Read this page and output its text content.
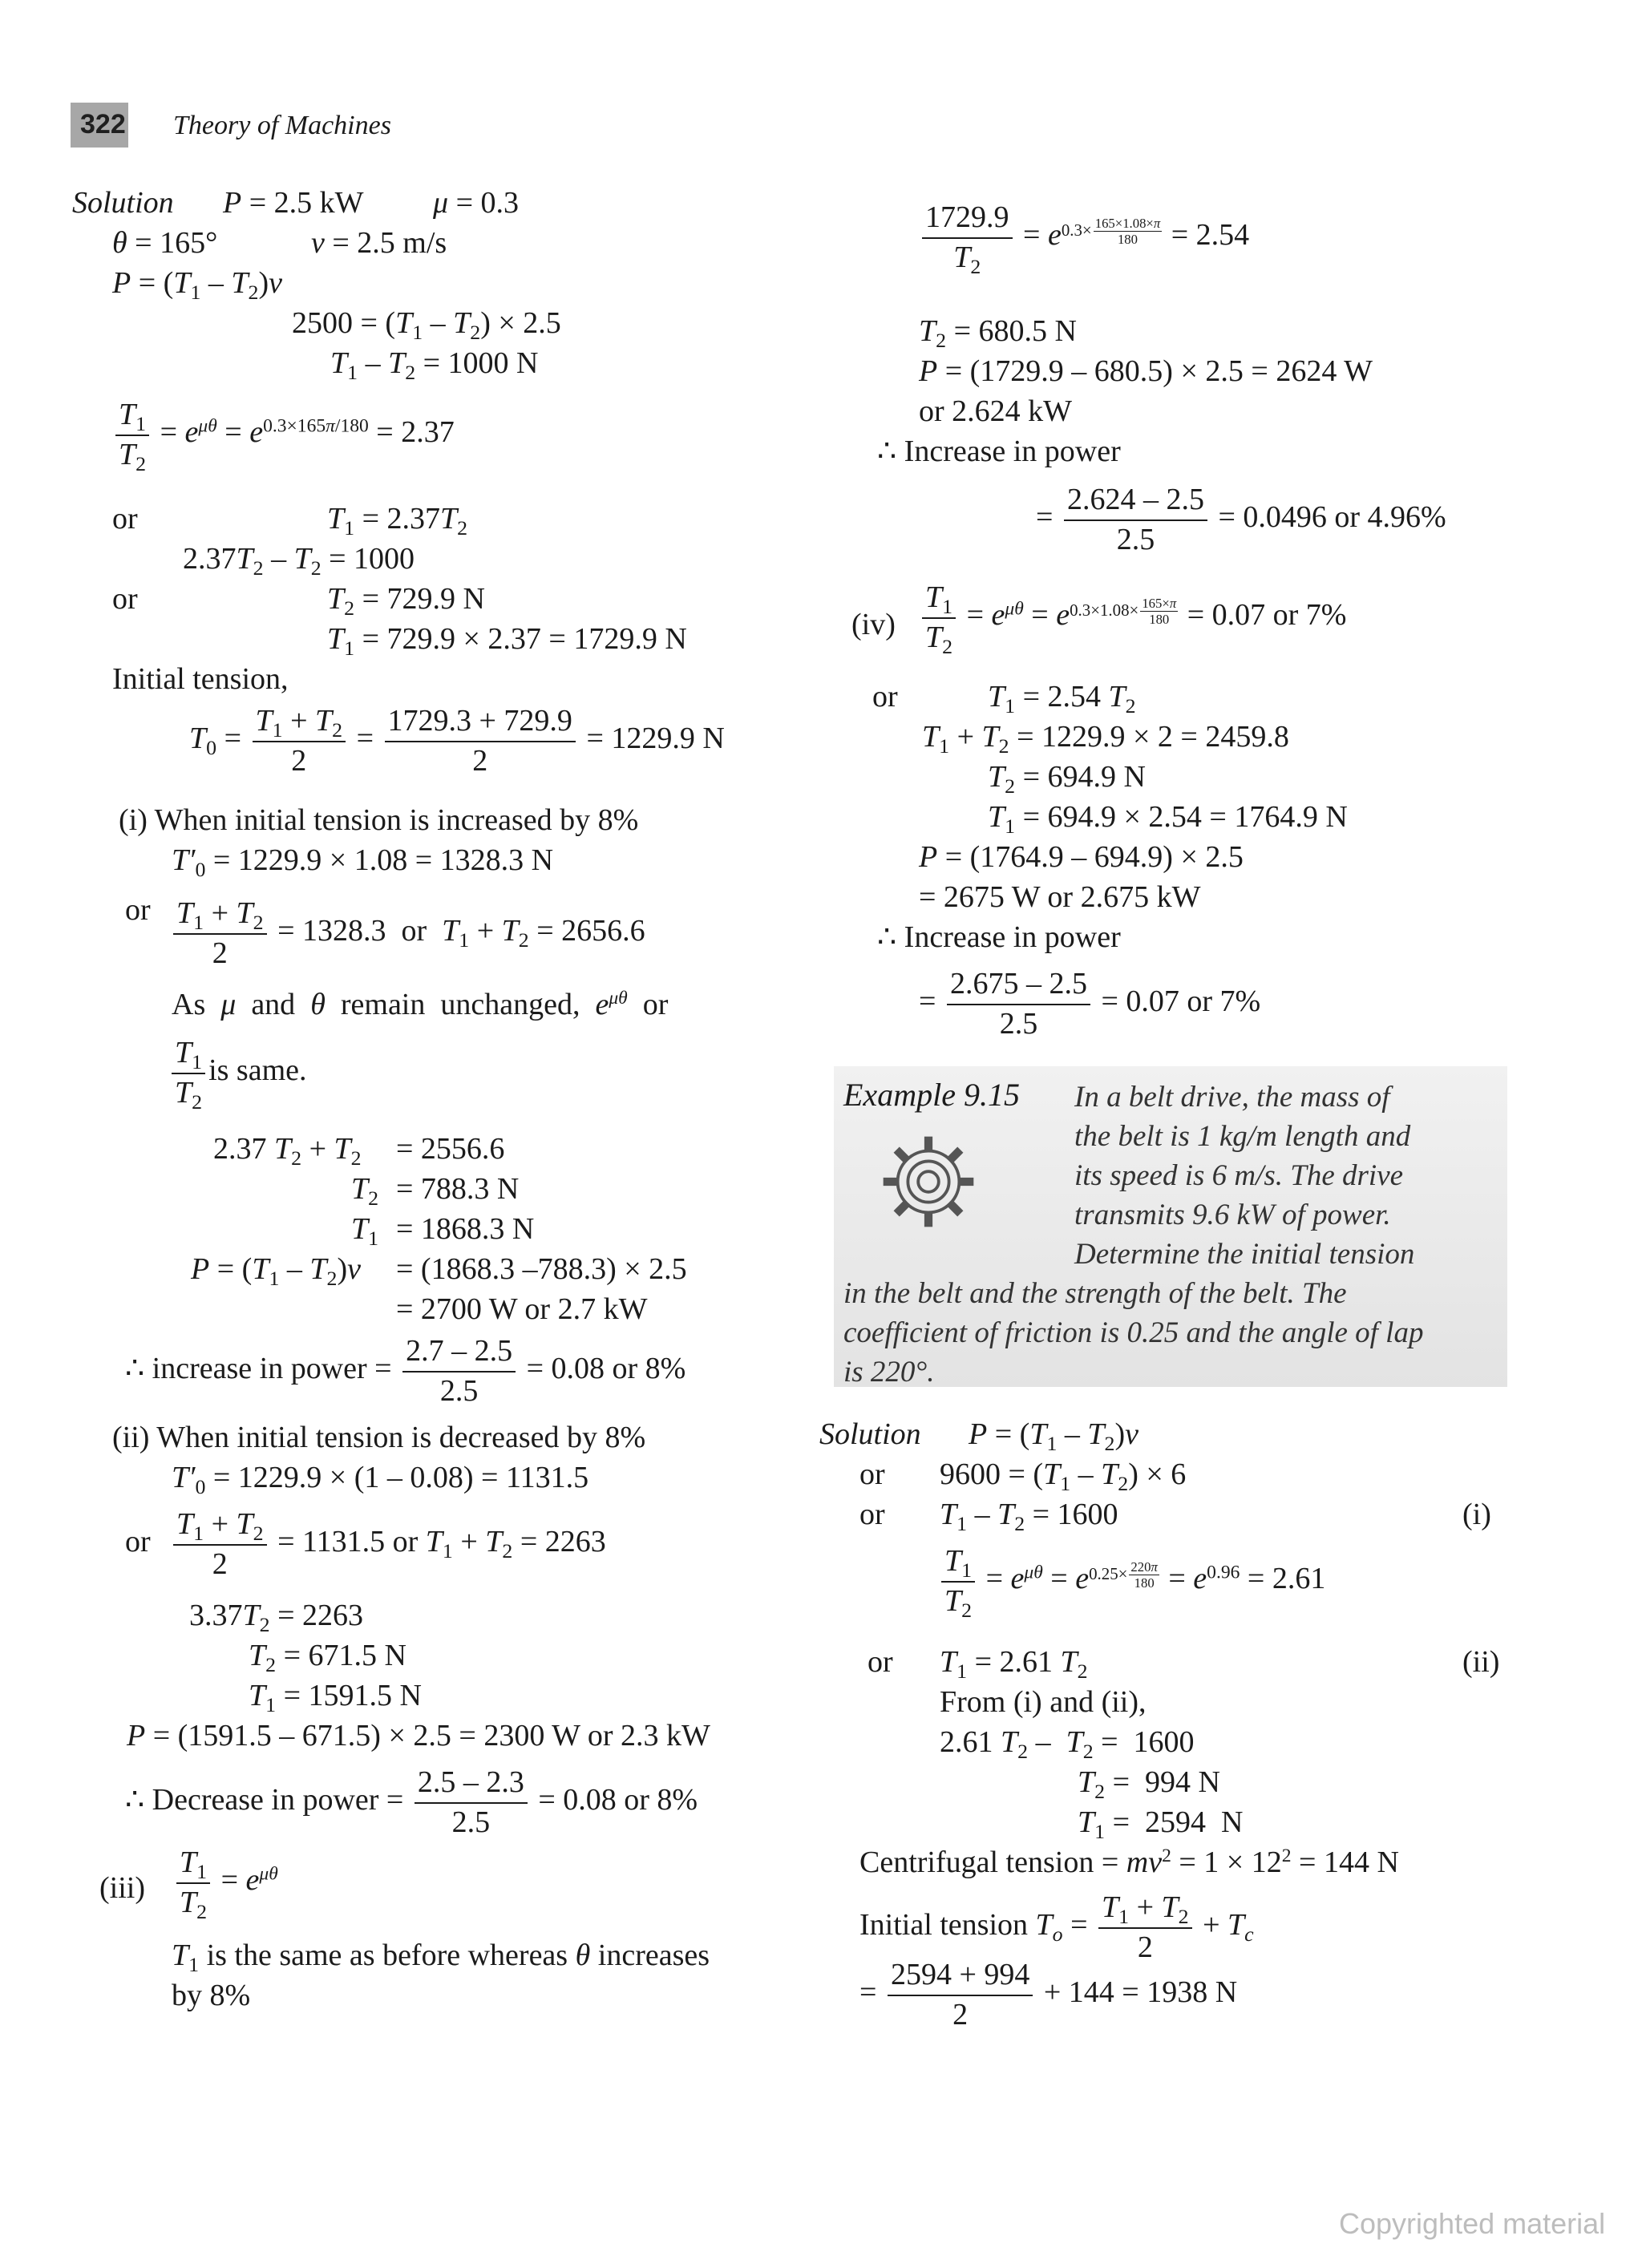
322 Theory of Machines
Solution P = 2.5 kW μ = 0.3
θ = 165°	v = 2.5 m/s
$P = (T_1 - T_2)v$
$2500 = (T_1 - T_2) \times 2.5$
$T_1 - T_2 = 1000$ N
$\frac{T_1}{T_2} = e^{\mu\theta} = e^{0.3\times 165\pi/180} = 2.37$
or	$T_1 = 2.37T_2$
$2.37T_2 - T_2 = 1000$
or	$T_2 = 729.9$ N
$T_1 = 729.9 \times 2.37 = 1729.9$ N
Initial tension,
$T_0 = \frac{T_1 + T_2}{2} = \frac{1729.3 + 729.9}{2} = 1229.9$ N
(i) When initial tension is increased by 8%
$T'_0 = 1229.9 \times 1.08 = 1328.3$ N
or $\frac{T_1 + T_2}{2} = 1328.3$  or  $T_1 + T_2 = 2656.6$
As  μ  and  θ  remain  unchanged,  $e^{\mu\theta}$  or
$\frac{T_1}{T_2}$ is same.
2.37 $T_2 + T_2 = 2556.6$
$T_2 = 788.3$ N
$T_1 = 1868.3$ N
$P = (T_1 - T_2)v = (1868.3$ –788.3) × 2.5
= 2700 W or 2.7 kW
∴ increase in power = $\frac{2.7 - 2.5}{2.5} = 0.08$ or 8%
(ii) When initial tension is decreased by 8%
$T'_0 = 1229.9 \times (1 - 0.08) = 1131.5$
or $\frac{T_1 + T_2}{2} = 1131.5$ or $T_1 + T_2 = 2263$
$3.37T_2 = 2263$
$T_2 = 671.5$ N
$T_1 = 1591.5$ N
P = (1591.5 – 671.5) × 2.5 = 2300 W or 2.3 kW
∴ Decrease in power = $\frac{2.5 - 2.3}{2.5} = 0.08$ or 8%
$(iii) \frac{T_1}{T_2} = e^{\mu\theta}$
$T_1$ is the same as before whereas θ increases
by 8%
$\frac{1729.9}{T_2} = e^{0.3\times \frac{165\times 1.08\times\pi}{180}} = 2.54$
$T_2 = 680.5$ N
P = (1729.9 – 680.5) × 2.5 = 2624 W
or 2.624 kW
∴ Increase in power
= $\frac{2.624 - 2.5}{2.5} = 0.0496$ or 4.96%
$(iv) \frac{T_1}{T_2} = e^{\mu\theta} = e^{0.3\times 1.08\times \frac{165\times\pi}{180}} = 0.07$ or 7%
or	$T_1 = 2.54$ $T_2$
$T_1 + T_2 = 1229.9 \times 2 = 2459.8$
$T_2 = 694.9$ N
$T_1 = 694.9 \times 2.54 = 1764.9$ N
P = (1764.9 – 694.9) × 2.5
= 2675 W or 2.675 kW
∴ Increase in power
= $\frac{2.675 - 2.5}{2.5} = 0.07$ or 7%
Example 9.15	In a belt drive, the mass of
the belt is 1 kg/m length and
its speed is 6 m/s. The drive
transmits 9.6 kW of power.
Determine the initial tension
in the belt and the strength of the belt. The
coefficient of friction is 0.25 and the angle of lap
is 220°.
Solution $P = (T_1 - T_2)v$
or $9600 = (T_1 - T_2) \times 6$
or $T_1 - T_2 = 1600$	(i)
$\frac{T_1}{T_2} = e^{\mu\theta} = e^{0.25\times \frac{220\pi}{180}} = e^{0.96} = 2.61$
or $T_1 = 2.61$ $T_2$	(ii)
From (i) and (ii),
2.61 $T_2 - T_2 = 1600$
$T_2 = 994$ N
$T_1 = 2594$  N
Centrifugal tension = $mv^2 = 1 \times 12^2 = 144$ N
Initial tension $T_o = \frac{T_1 + T_2}{2} + T_c$
= $\frac{2594 + 994}{2} + 144 = 1938$ N
Copyrighted material
